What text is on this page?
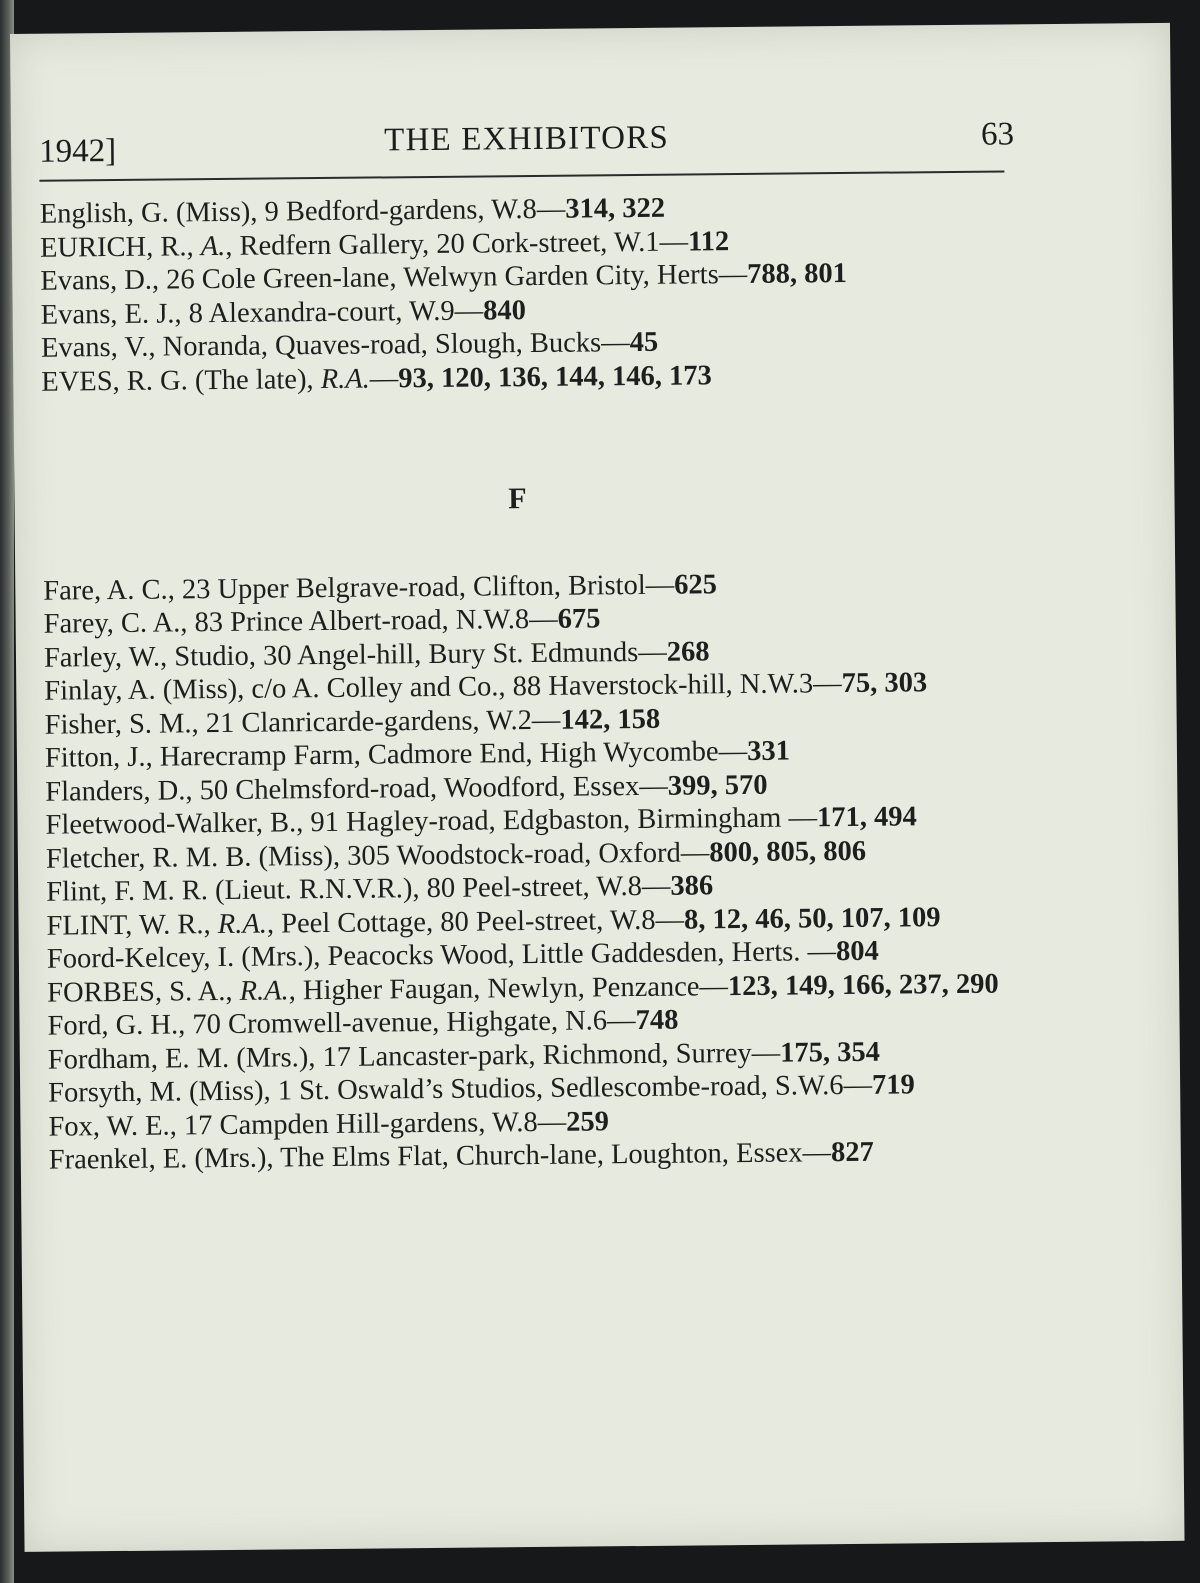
1942]	THE EXHIBITORS	63

English, G. (Miss), 9 Bedford-gardens, W.8—314, 322

EURICH, R., A., Redfern Gallery, 20 Cork-street, W.1—112

Evans, D., 26 Cole Green-lane, Welwyn Garden City, Herts—788, 801

Evans, E. J., 8 Alexandra-court, W.9—840

Evans, V., Noranda, Quaves-road, Slough, Bucks—45

EVES, R. G. (The late), R.A.—93, 120, 136, 144, 146, 173

F

Fare, A. C., 23 Upper Belgrave-road, Clifton, Bristol—625

Farey, C. A., 83 Prince Albert-road, N.W.8—675

Farley, W., Studio, 30 Angel-hill, Bury St. Edmunds—268

Finlay, A. (Miss), c/o A. Colley and Co., 88 Haverstock-hill, N.W.3—75, 303

Fisher, S. M., 21 Clanricarde-gardens, W.2—142, 158

Fitton, J., Harecramp Farm, Cadmore End, High Wycombe—331

Flanders, D., 50 Chelmsford-road, Woodford, Essex—399, 570

Fleetwood-Walker, B., 91 Hagley-road, Edgbaston, Birmingham —171, 494

Fletcher, R. M. B. (Miss), 305 Woodstock-road, Oxford—800, 805, 806

Flint, F. M. R. (Lieut. R.N.V.R.), 80 Peel-street, W.8—386

FLINT, W. R., R.A., Peel Cottage, 80 Peel-street, W.8—8, 12, 46, 50, 107, 109

Foord-Kelcey, I. (Mrs.), Peacocks Wood, Little Gaddesden, Herts. —804

FORBES, S. A., R.A., Higher Faugan, Newlyn, Penzance—123, 149, 166, 237, 290

Ford, G. H., 70 Cromwell-avenue, Highgate, N.6—748

Fordham, E. M. (Mrs.), 17 Lancaster-park, Richmond, Surrey—175, 354

Forsyth, M. (Miss), 1 St. Oswald’s Studios, Sedlescombe-road, S.W.6—719

Fox, W. E., 17 Campden Hill-gardens, W.8—259

Fraenkel, E. (Mrs.), The Elms Flat, Church-lane, Loughton, Essex—827
